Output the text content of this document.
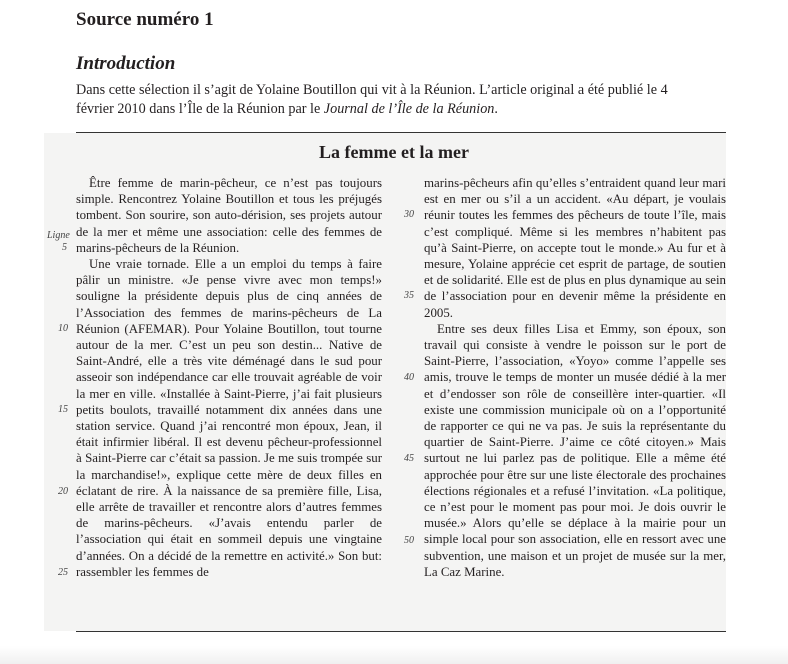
Source numéro 1
Introduction

Dans cette sélection il s’agit de Yolaine Boutillon qui vit à la Réunion. L’article original a été publié le 4 février 2010 dans l’Île de la Réunion par le Journal de l’Île de la Réunion.

La femme et la mer
Ligne
5
10
15
20
25
30
35
40
45
50

Être femme de marin-pêcheur, ce n’est pas toujours simple. Rencontrez Yolaine Boutillon et tous les préjugés tombent. Son sourire, son auto-dérision, ses projets autour de la mer et même une association: celle des femmes de marins-pêcheurs de la Réunion.

Une vraie tornade. Elle a un emploi du temps à faire pâlir un ministre. «Je pense vivre avec mon temps!» souligne la présidente depuis plus de cinq années de l’Association des femmes de marins-pêcheurs de La Réunion (AFEMAR). Pour Yolaine Boutillon, tout tourne autour de la mer. C’est un peu son destin... Native de Saint-André, elle a très vite déménagé dans le sud pour asseoir son indépendance car elle trouvait agréable de voir la mer en ville. «Installée à Saint-Pierre, j’ai fait plusieurs petits boulots, travaillé notamment dix années dans une station service. Quand j’ai rencontré mon époux, Jean, il était infirmier libéral. Il est devenu pêcheur-professionnel à Saint-Pierre car c’était sa passion. Je me suis trompée sur la marchandise!», explique cette mère de deux filles en éclatant de rire. À la naissance de sa première fille, Lisa, elle arrête de travailler et rencontre alors d’autres femmes de marins-pêcheurs. «J’avais entendu parler de l’association qui était en sommeil depuis une vingtaine d’années. On a décidé de la remettre en activité.» Son but: rassembler les femmes de

marins-pêcheurs afin qu’elles s’entraident quand leur mari est en mer ou s’il a un accident. «Au départ, je voulais réunir toutes les femmes des pêcheurs de toute l’île, mais c’est compliqué. Même si les membres n’habitent pas qu’à Saint-Pierre, on accepte tout le monde.» Au fur et à mesure, Yolaine apprécie cet esprit de partage, de soutien et de solidarité. Elle est de plus en plus dynamique au sein de l’association pour en devenir même la présidente en 2005.

Entre ses deux filles Lisa et Emmy, son époux, son travail qui consiste à vendre le poisson sur le port de Saint-Pierre, l’association, «Yoyo» comme l’appelle ses amis, trouve le temps de monter un musée dédié à la mer et d’endosser son rôle de conseillère inter-quartier. «Il existe une commission municipale où on a l’opportunité de rapporter ce qui ne va pas. Je suis la représentante du quartier de Saint-Pierre. J’aime ce côté citoyen.» Mais surtout ne lui parlez pas de politique. Elle a même été approchée pour être sur une liste électorale des prochaines élections régionales et a refusé l’invitation. «La politique, ce n’est pour le moment pas pour moi. Je dois ouvrir le musée.» Alors qu’elle se déplace à la mairie pour un simple local pour son association, elle en ressort avec une subvention, une maison et un projet de musée sur la mer, La Caz Marine.
